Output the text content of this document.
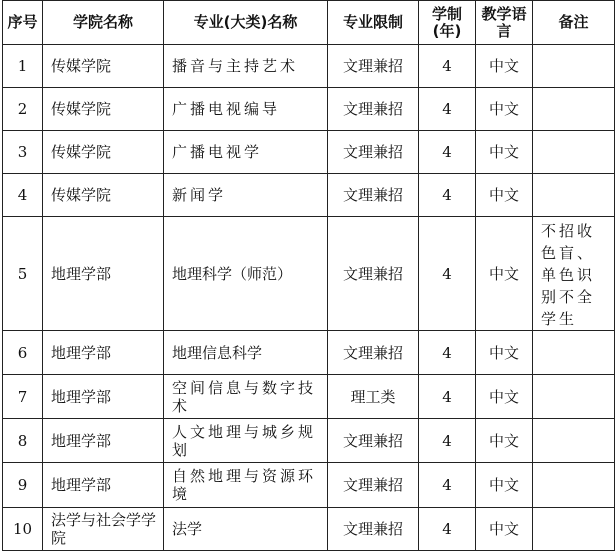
序号	学院名称	专业(大类)名称	专业限制	学制(年)	教学语言	备注
1	传媒学院	播音与主持艺术	文理兼招	4	中文	
2	传媒学院	广播电视编导	文理兼招	4	中文	
3	传媒学院	广播电视学	文理兼招	4	中文	
4	传媒学院	新闻学	文理兼招	4	中文	
5	地理学部	地理科学（师范）	文理兼招	4	中文	不招收色盲、单色识别不全学生
6	地理学部	地理信息科学	文理兼招	4	中文	
7	地理学部	空间信息与数字技术	理工类	4	中文	
8	地理学部	人文地理与城乡规划	文理兼招	4	中文	
9	地理学部	自然地理与资源环境	文理兼招	4	中文	
10	法学与社会学学院	法学	文理兼招	4	中文	
